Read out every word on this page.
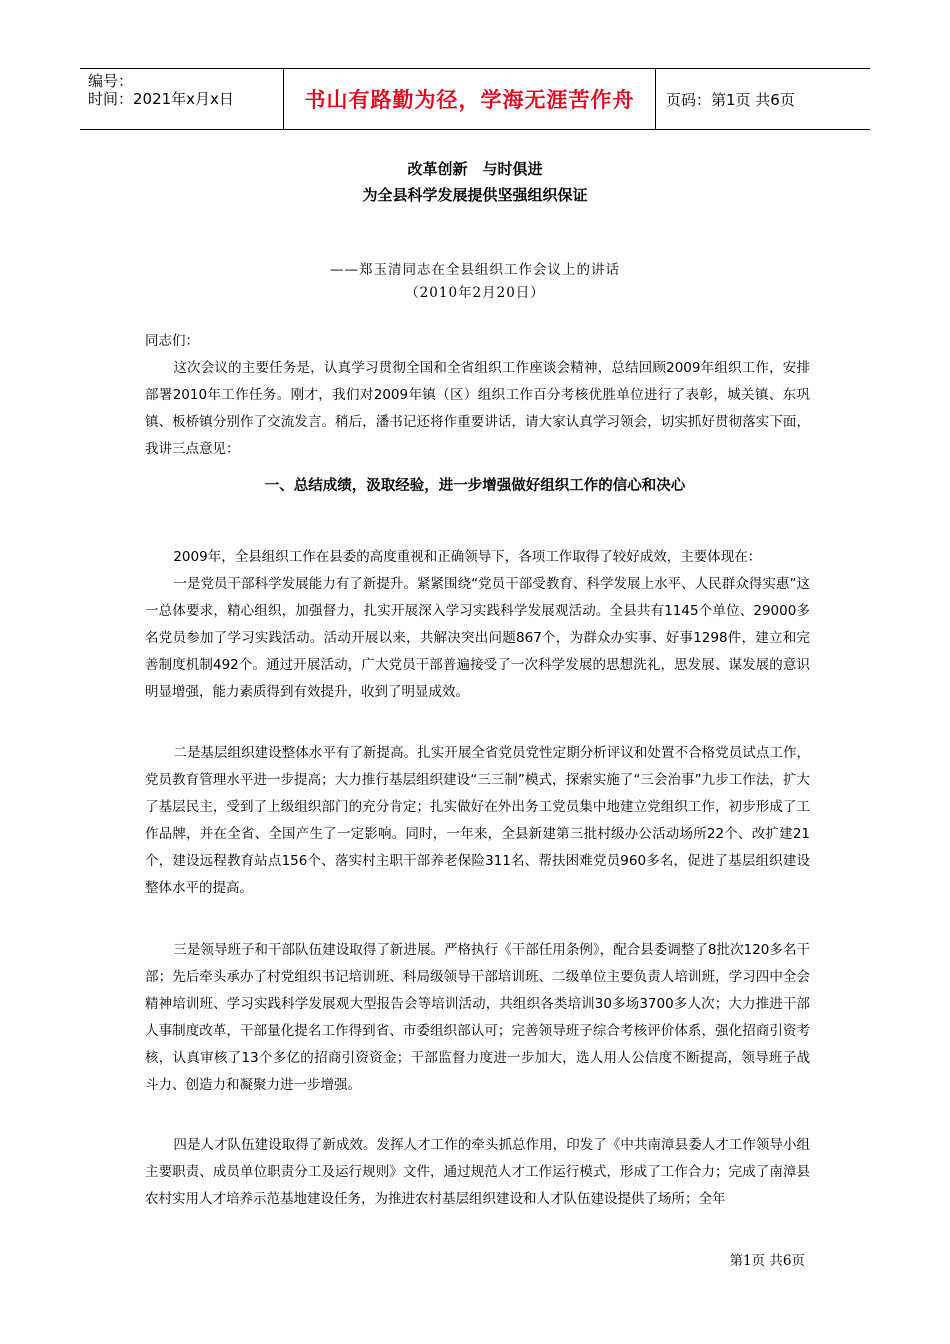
编号：
时间：2021年x月x日	书山有路勤为径，学海无涯苦作舟	页码：第1页 共6页
改革创新　与时俱进
为全县科学发展提供坚强组织保证
——郑玉清同志在全县组织工作会议上的讲话
（2010年2月20日）

同志们：

这次会议的主要任务是，认真学习贯彻全国和全省组织工作座谈会精神，总结回顾2009年组织工作，安排部署2010年工作任务。刚才，我们对2009年镇（区）组织工作百分考核优胜单位进行了表彰，城关镇、东巩镇、板桥镇分别作了交流发言。稍后，潘书记还将作重要讲话，请大家认真学习领会，切实抓好贯彻落实下面，我讲三点意见：

一、总结成绩，汲取经验，进一步增强做好组织工作的信心和决心

2009年，全县组织工作在县委的高度重视和正确领导下，各项工作取得了较好成效，主要体现在：

一是党员干部科学发展能力有了新提升。紧紧围绕“党员干部受教育、科学发展上水平、人民群众得实惠”这一总体要求，精心组织，加强督力，扎实开展深入学习实践科学发展观活动。全县共有1145个单位、29000多名党员参加了学习实践活动。活动开展以来，共解决突出问题867个，为群众办实事、好事1298件，建立和完善制度机制492个。通过开展活动，广大党员干部普遍接受了一次科学发展的思想洗礼，思发展、谋发展的意识明显增强，能力素质得到有效提升，收到了明显成效。

二是基层组织建设整体水平有了新提高。扎实开展全省党员党性定期分析评议和处置不合格党员试点工作，党员教育管理水平进一步提高；大力推行基层组织建设“三三制”模式，探索实施了“三会治事”九步工作法，扩大了基层民主，受到了上级组织部门的充分肯定；扎实做好在外出务工党员集中地建立党组织工作，初步形成了工作品牌，并在全省、全国产生了一定影响。同时，一年来，全县新建第三批村级办公活动场所22个、改扩建21个，建设远程教育站点156个、落实村主职干部养老保险311名、帮扶困难党员960多名，促进了基层组织建设整体水平的提高。

三是领导班子和干部队伍建设取得了新进展。严格执行《干部任用条例》，配合县委调整了8批次120多名干部；先后牵头承办了村党组织书记培训班、科局级领导干部培训班、二级单位主要负责人培训班，学习四中全会精神培训班、学习实践科学发展观大型报告会等培训活动，共组织各类培训30多场3700多人次；大力推进干部人事制度改革，干部量化提名工作得到省、市委组织部认可；完善领导班子综合考核评价体系，强化招商引资考核，认真审核了13个多亿的招商引资资金；干部监督力度进一步加大，选人用人公信度不断提高，领导班子战斗力、创造力和凝聚力进一步增强。

四是人才队伍建设取得了新成效。发挥人才工作的牵头抓总作用，印发了《中共南漳县委人才工作领导小组主要职责、成员单位职责分工及运行规则》文件，通过规范人才工作运行模式，形成了工作合力；完成了南漳县农村实用人才培养示范基地建设任务，为推进农村基层组织建设和人才队伍建设提供了场所；全年

第1页 共6页
